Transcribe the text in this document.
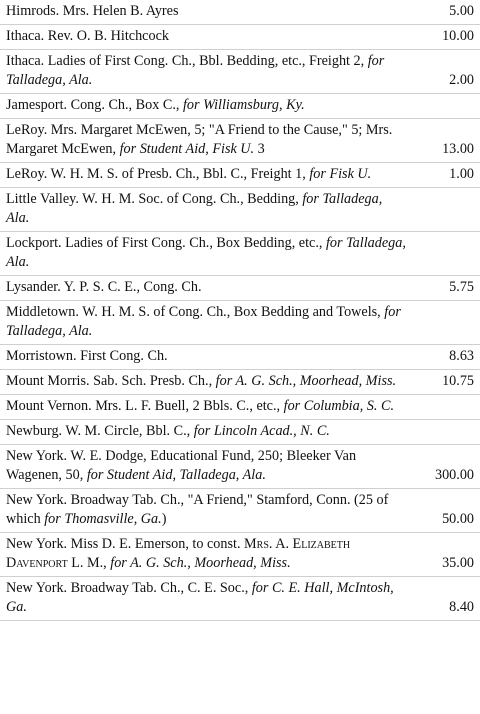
Himrods. Mrs. Helen B. Ayres	5.00
Ithaca. Rev. O. B. Hitchcock	10.00
Ithaca. Ladies of First Cong. Ch., Bbl. Bedding, etc., Freight 2, for Talladega, Ala.	2.00
Jamesport. Cong. Ch., Box C., for Williamsburg, Ky.
LeRoy. Mrs. Margaret McEwen, 5; "A Friend to the Cause," 5; Mrs. Margaret McEwen, for Student Aid, Fisk U. 3	13.00
LeRoy. W. H. M. S. of Presb. Ch., Bbl. C., Freight 1, for Fisk U.	1.00
Little Valley. W. H. M. Soc. of Cong. Ch., Bedding, for Talladega, Ala.
Lockport. Ladies of First Cong. Ch., Box Bedding, etc., for Talladega, Ala.
Lysander. Y. P. S. C. E., Cong. Ch.	5.75
Middletown. W. H. M. S. of Cong. Ch., Box Bedding and Towels, for Talladega, Ala.
Morristown. First Cong. Ch.	8.63
Mount Morris. Sab. Sch. Presb. Ch., for A. G. Sch., Moorhead, Miss.	10.75
Mount Vernon. Mrs. L. F. Buell, 2 Bbls. C., etc., for Columbia, S. C.
Newburg. W. M. Circle, Bbl. C., for Lincoln Acad., N. C.
New York. W. E. Dodge, Educational Fund, 250; Bleeker Van Wagenen, 50, for Student Aid, Talladega, Ala.	300.00
New York. Broadway Tab. Ch., "A Friend," Stamford, Conn. (25 of which for Thomasville, Ga.)	50.00
New York. Miss D. E. Emerson, to const. Mrs. A. Elizabeth Davenport L. M., for A. G. Sch., Moorhead, Miss.	35.00
New York. Broadway Tab. Ch., C. E. Soc., for C. E. Hall, McIntosh, Ga.	8.40
